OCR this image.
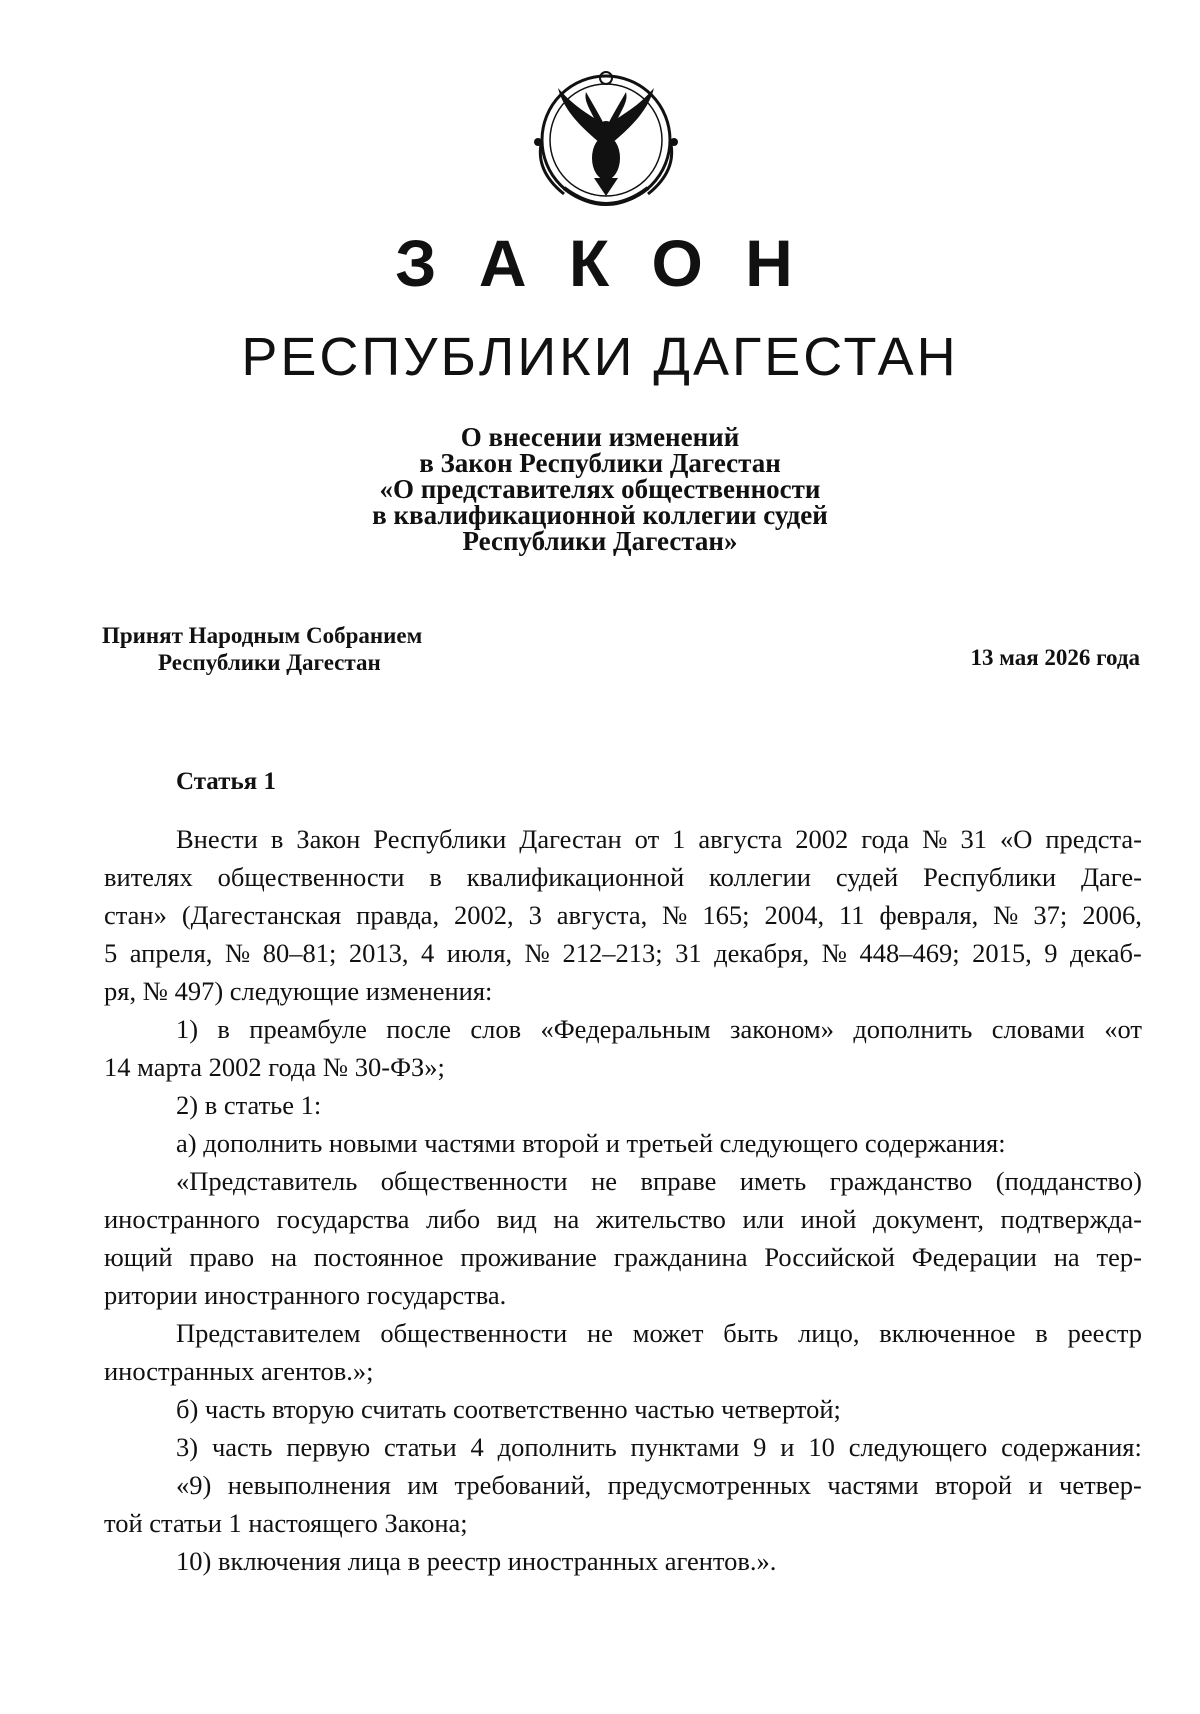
З А К О Н
РЕСПУБЛИКИ ДАГЕСТАН
О внесении изменений
в Закон Республики Дагестан
«О представителях общественности
в квалификационной коллегии судей
Республики Дагестан»
Принят Народным Собранием
Республики Дагестан	13 мая 2026 года
Статья 1
Внести в Закон Республики Дагестан от 1 августа 2002 года № 31 «О предста-
вителях общественности в квалификационной коллегии судей Республики Даге-
стан» (Дагестанская правда, 2002, 3 августа, № 165; 2004, 11 февраля, № 37; 2006,
5 апреля, № 80–81; 2013, 4 июля, № 212–213; 31 декабря, № 448–469; 2015, 9 декаб-
ря, № 497) следующие изменения:
1) в преамбуле после слов «Федеральным законом» дополнить словами «от
14 марта 2002 года № 30-ФЗ»;
2) в статье 1:
а) дополнить новыми частями второй и третьей следующего содержания:
«Представитель общественности не вправе иметь гражданство (подданство)
иностранного государства либо вид на жительство или иной документ, подтвержда-
ющий право на постоянное проживание гражданина Российской Федерации на тер-
ритории иностранного государства.
Представителем общественности не может быть лицо, включенное в реестр
иностранных агентов.»;
б) часть вторую считать соответственно частью четвертой;
3) часть первую статьи 4 дополнить пунктами 9 и 10 следующего содержания:
«9) невыполнения им требований, предусмотренных частями второй и четвер-
той статьи 1 настоящего Закона;
10) включения лица в реестр иностранных агентов.».
